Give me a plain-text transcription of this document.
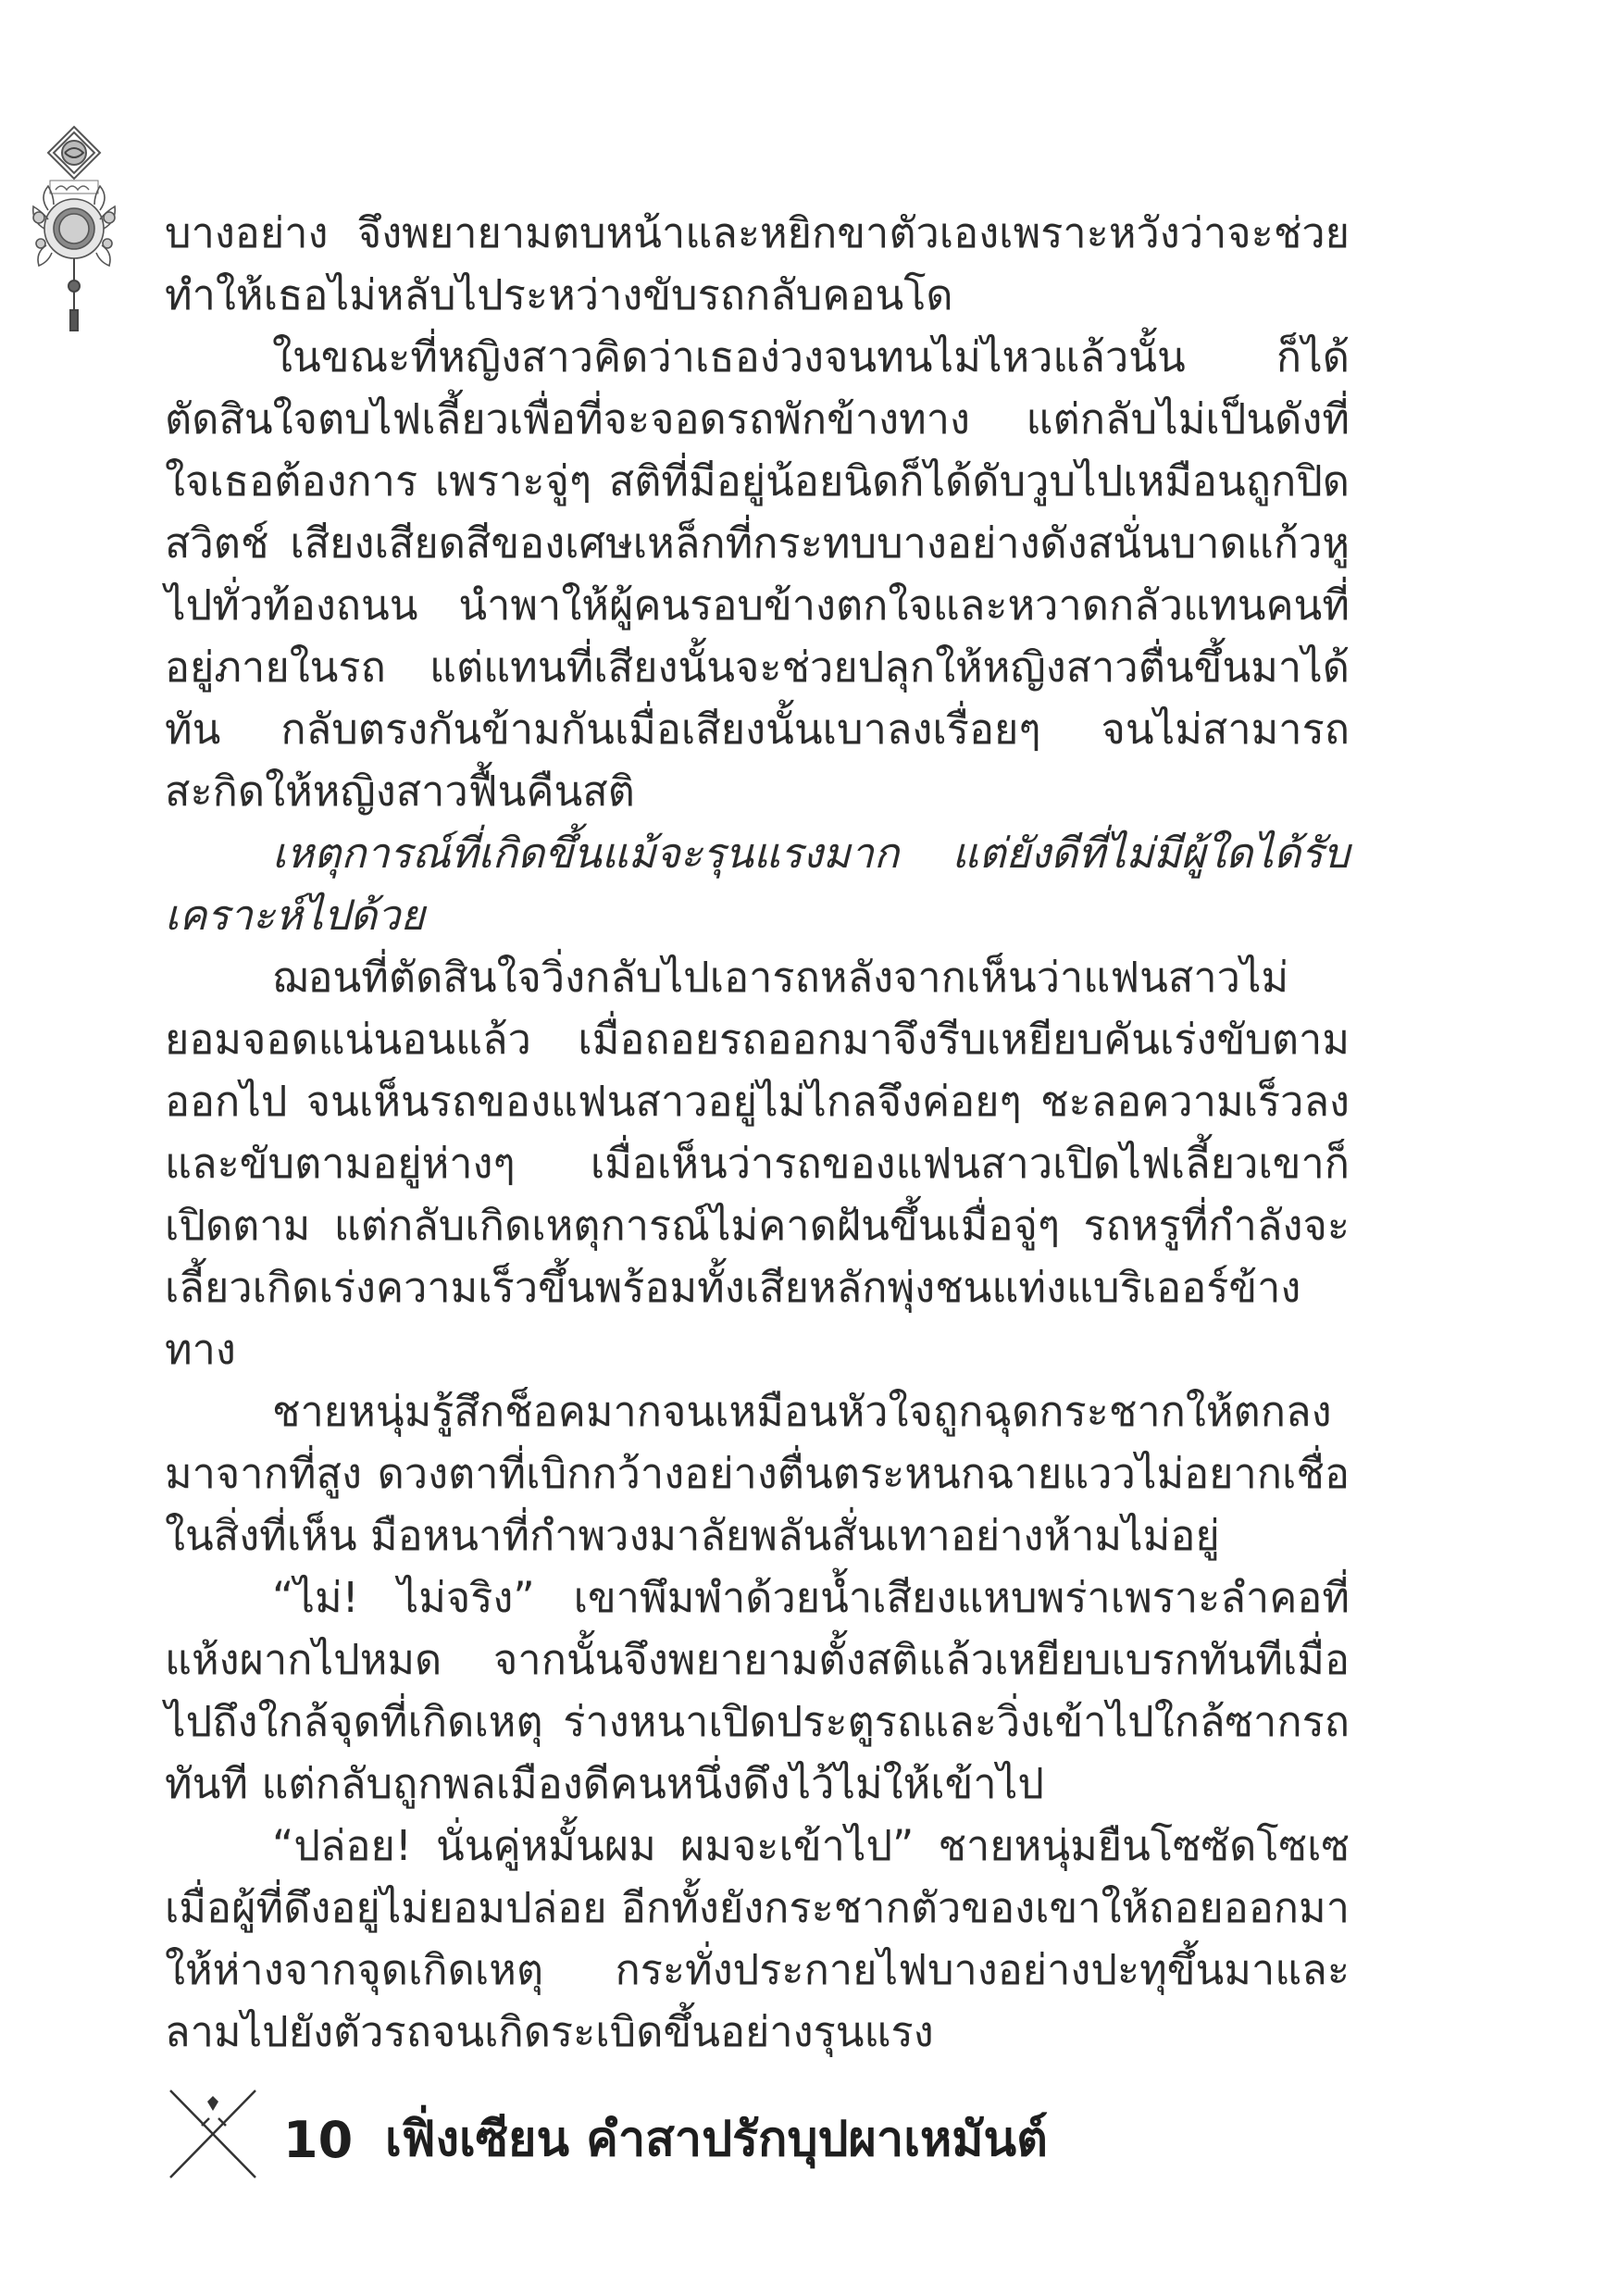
บางอย่าง จึงพยายามตบหน้าและหยิกขาตัวเองเพราะหวังว่าจะช่วยทำให้เธอไม่หลับไประหว่างขับรถกลับคอนโด

ในขณะที่หญิงสาวคิดว่าเธอง่วงจนทนไม่ไหวแล้วนั้น ก็ได้ตัดสินใจตบไฟเลี้ยวเพื่อที่จะจอดรถพักข้างทาง แต่กลับไม่เป็นดังที่ใจเธอต้องการ เพราะจู่ๆ สติที่มีอยู่น้อยนิดก็ได้ดับวูบไปเหมือนถูกปิดสวิตช์ เสียงเสียดสีของเศษเหล็กที่กระทบบางอย่างดังสนั่นบาดแก้วหูไปทั่วท้องถนน นำพาให้ผู้คนรอบข้างตกใจและหวาดกลัวแทนคนที่อยู่ภายในรถ แต่แทนที่เสียงนั้นจะช่วยปลุกให้หญิงสาวตื่นขึ้นมาได้ทัน กลับตรงกันข้ามกันเมื่อเสียงนั้นเบาลงเรื่อยๆ จนไม่สามารถสะกิดให้หญิงสาวฟื้นคืนสติ

เหตุการณ์ที่เกิดขึ้นแม้จะรุนแรงมาก แต่ยังดีที่ไม่มีผู้ใดได้รับเคราะห์ไปด้วย

ฌอนที่ตัดสินใจวิ่งกลับไปเอารถหลังจากเห็นว่าแฟนสาวไม่ยอมจอดแน่นอนแล้ว เมื่อถอยรถออกมาจึงรีบเหยียบคันเร่งขับตามออกไป จนเห็นรถของแฟนสาวอยู่ไม่ไกลจึงค่อยๆ ชะลอความเร็วลงและขับตามอยู่ห่างๆ เมื่อเห็นว่ารถของแฟนสาวเปิดไฟเลี้ยวเขาก็เปิดตาม แต่กลับเกิดเหตุการณ์ไม่คาดฝันขึ้นเมื่อจู่ๆ รถหรูที่กำลังจะเลี้ยวเกิดเร่งความเร็วขึ้นพร้อมทั้งเสียหลักพุ่งชนแท่งแบริเออร์ข้างทาง

ชายหนุ่มรู้สึกช็อคมากจนเหมือนหัวใจถูกฉุดกระชากให้ตกลงมาจากที่สูง ดวงตาที่เบิกกว้างอย่างตื่นตระหนกฉายแววไม่อยากเชื่อในสิ่งที่เห็น มือหนาที่กำพวงมาลัยพลันสั่นเทาอย่างห้ามไม่อยู่

“ไม่! ไม่จริง” เขาพึมพำด้วยน้ำเสียงแหบพร่าเพราะลำคอที่แห้งผากไปหมด จากนั้นจึงพยายามตั้งสติแล้วเหยียบเบรกทันทีเมื่อไปถึงใกล้จุดที่เกิดเหตุ ร่างหนาเปิดประตูรถและวิ่งเข้าไปใกล้ซากรถทันที แต่กลับถูกพลเมืองดีคนหนึ่งดึงไว้ไม่ให้เข้าไป

“ปล่อย! นั่นคู่หมั้นผม ผมจะเข้าไป” ชายหนุ่มยืนโซซัดโซเซเมื่อผู้ที่ดึงอยู่ไม่ยอมปล่อย อีกทั้งยังกระชากตัวของเขาให้ถอยออกมาให้ห่างจากจุดเกิดเหตุ กระทั่งประกายไฟบางอย่างปะทุขึ้นมาและลามไปยังตัวรถจนเกิดระเบิดขึ้นอย่างรุนแรง

10 เฟิ่งเซียน คำสาปรักบุปผาเหมันต์
